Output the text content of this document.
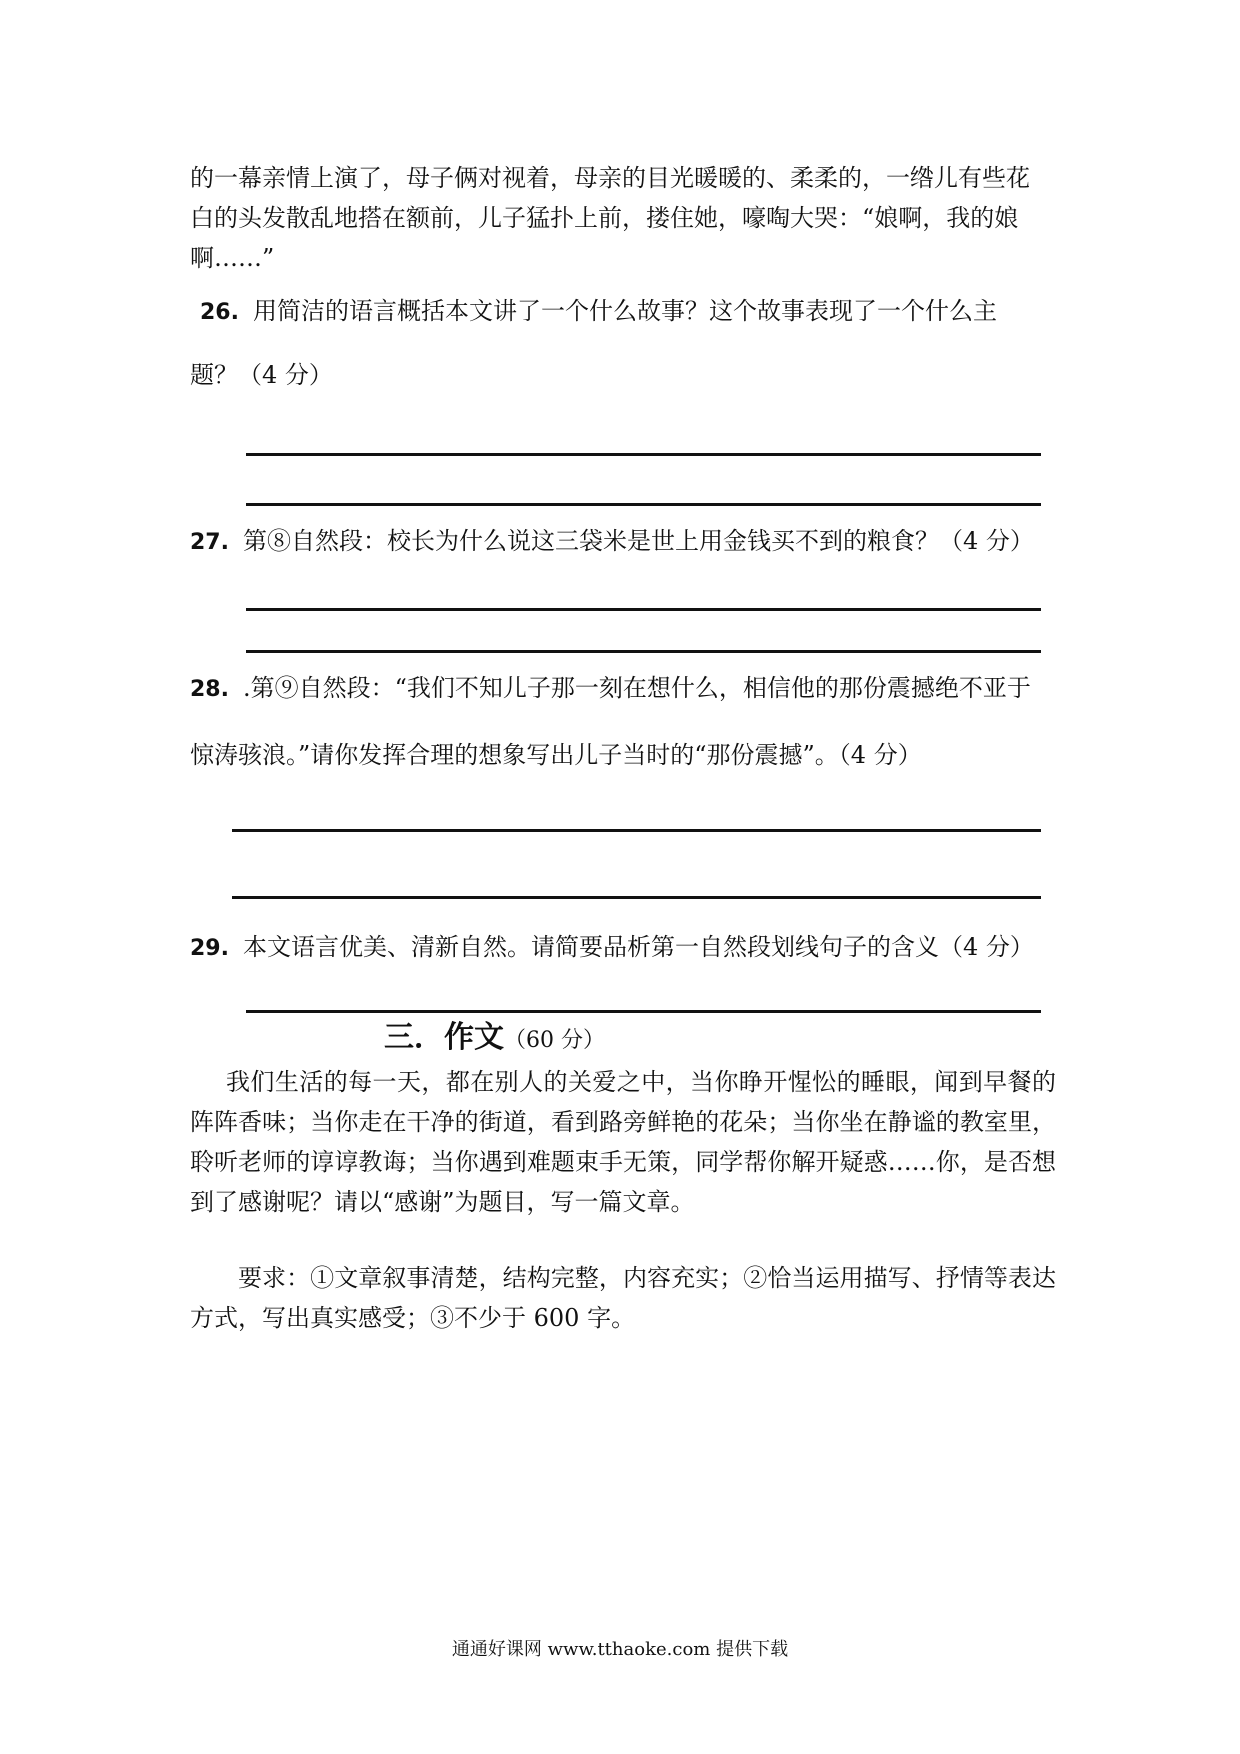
的一幕亲情上演了，母子俩对视着，母亲的目光暖暖的、柔柔的，一绺儿有些花

白的头发散乱地搭在额前，儿子猛扑上前，搂住她，嚎啕大哭：“娘啊，我的娘

啊……”

26. 用简洁的语言概括本文讲了一个什么故事？这个故事表现了一个什么主
题？（4 分）
27. 第⑧自然段：校长为什么说这三袋米是世上用金钱买不到的粮食？（4 分）
28. .第⑨自然段：“我们不知儿子那一刻在想什么，相信他的那份震撼绝不亚于
惊涛骇浪。”请你发挥合理的想象写出儿子当时的“那份震撼”。（4 分）
29. 本文语言优美、清新自然。请简要品析第一自然段划线句子的含义（4 分）
三．作文（60 分）

我们生活的每一天，都在别人的关爱之中，当你睁开惺忪的睡眼，闻到早餐的阵阵香味；当你走在干净的街道，看到路旁鲜艳的花朵；当你坐在静谧的教室里，聆听老师的谆谆教诲；当你遇到难题束手无策，同学帮你解开疑惑……你，是否想到了感谢呢？请以“感谢”为题目，写一篇文章。

要求：①文章叙事清楚，结构完整，内容充实；②恰当运用描写、抒情等表达方式，写出真实感受；③不少于 600 字。

通通好课网 www.tthaoke.com 提供下载
